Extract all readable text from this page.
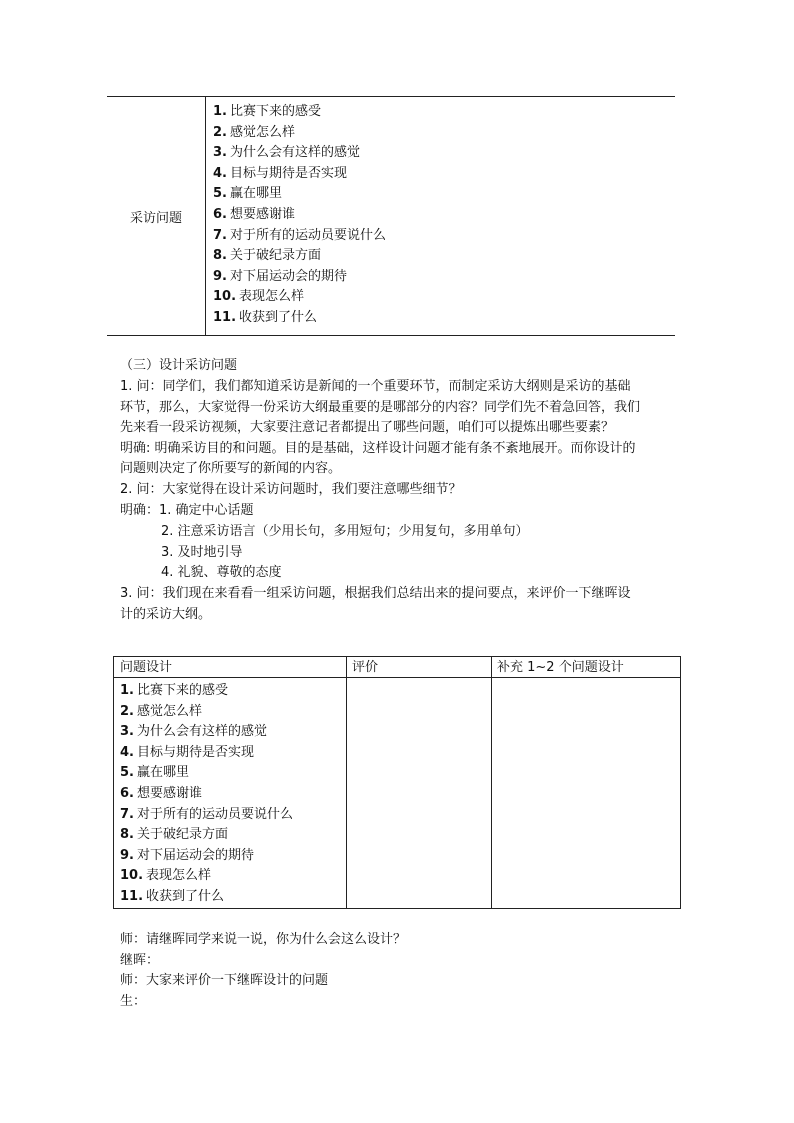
采访问题
1. 比赛下来的感受
2. 感觉怎么样
3. 为什么会有这样的感觉
4. 目标与期待是否实现
5. 赢在哪里
6. 想要感谢谁
7. 对于所有的运动员要说什么
8. 关于破纪录方面
9. 对下届运动会的期待
10. 表现怎么样
11. 收获到了什么
（三）设计采访问题
1. 问：同学们，我们都知道采访是新闻的一个重要环节，而制定采访大纲则是采访的基础
环节，那么，大家觉得一份采访大纲最重要的是哪部分的内容？同学们先不着急回答，我们
先来看一段采访视频，大家要注意记者都提出了哪些问题，咱们可以提炼出哪些要素？
明确: 明确采访目的和问题。目的是基础，这样设计问题才能有条不紊地展开。而你设计的
问题则决定了你所要写的新闻的内容。
2. 问：大家觉得在设计采访问题时，我们要注意哪些细节？
明确：1. 确定中心话题
2. 注意采访语言（少用长句，多用短句；少用复句，多用单句）
3. 及时地引导
4. 礼貌、尊敬的态度
3. 问：我们现在来看看一组采访问题，根据我们总结出来的提问要点，来评价一下继晖设
计的采访大纲。
问题设计	评价	补充 1~2 个问题设计
1. 比赛下来的感受
2. 感觉怎么样
3. 为什么会有这样的感觉
4. 目标与期待是否实现
5. 赢在哪里
6. 想要感谢谁
7. 对于所有的运动员要说什么
8. 关于破纪录方面
9. 对下届运动会的期待
10. 表现怎么样
11. 收获到了什么
师：请继晖同学来说一说，你为什么会这么设计？
继晖：
师：大家来评价一下继晖设计的问题
生：
